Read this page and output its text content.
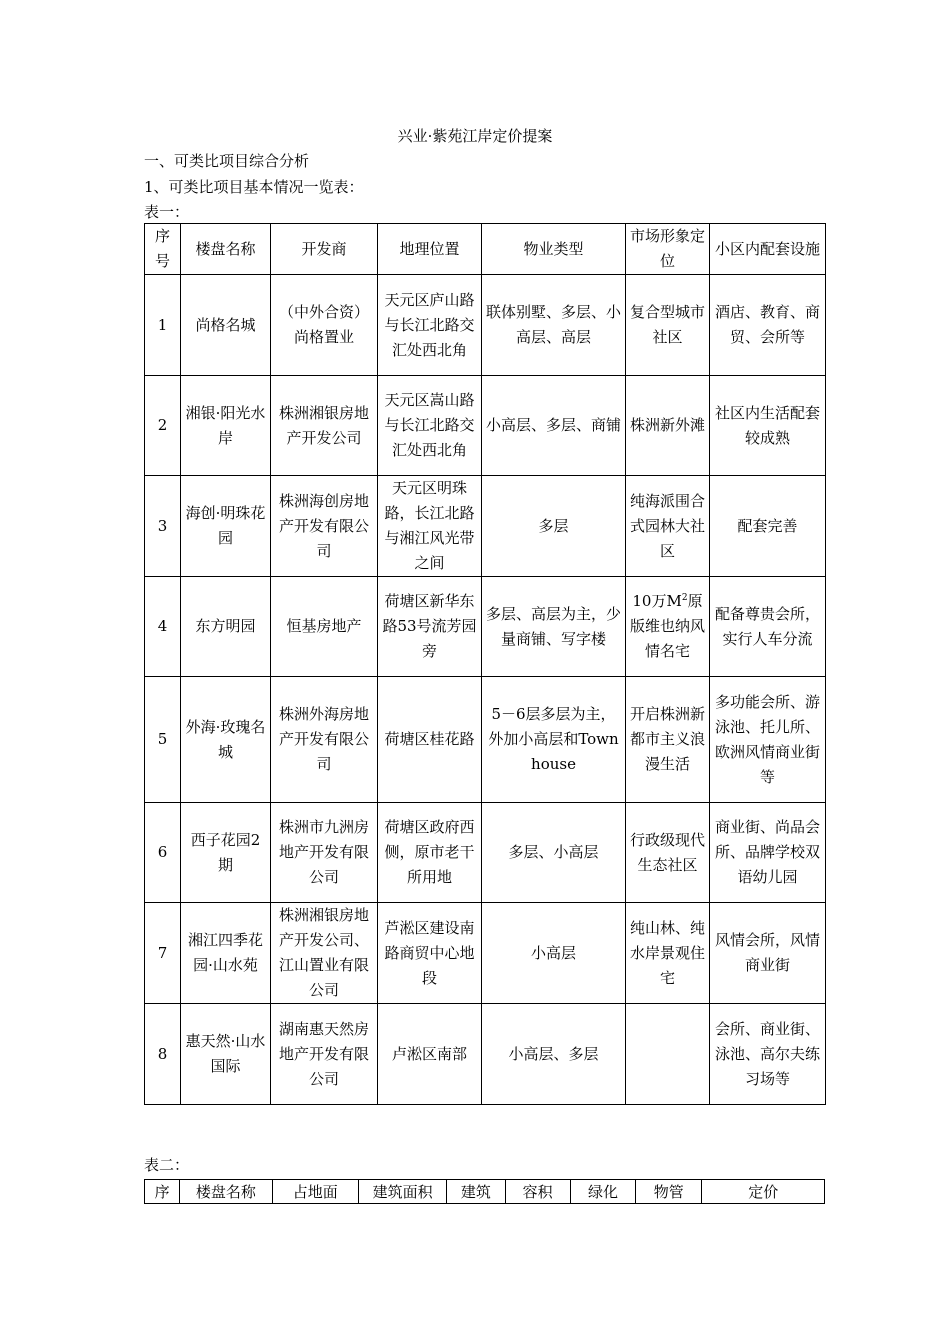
兴业·紫苑江岸定价提案
一、可类比项目综合分析
1、可类比项目基本情况一览表：
表一：
序号	楼盘名称	开发商	地理位置	物业类型	市场形象定位	小区内配套设施
1	尚格名城	（中外合资）尚格置业	天元区庐山路与长江北路交汇处西北角	联体别墅、多层、小高层、高层	复合型城市社区	酒店、教育、商贸、会所等
2	湘银·阳光水岸	株洲湘银房地产开发公司	天元区嵩山路与长江北路交汇处西北角	小高层、多层、商铺	株洲新外滩	社区内生活配套较成熟
3	海创·明珠花园	株洲海创房地产开发有限公司	天元区明珠路，长江北路与湘江风光带之间	多层	纯海派围合式园林大社区	配套完善
4	东方明园	恒基房地产	荷塘区新华东路53号流芳园旁	多层、高层为主，少量商铺、写字楼	10万$M^2$原版维也纳风情名宅	配备尊贵会所，实行人车分流
5	外海·玫瑰名城	株洲外海房地产开发有限公司	荷塘区桂花路	5－6层多层为主，外加小高层和Townhouse	开启株洲新都市主义浪漫生活	多功能会所、游泳池、托儿所、欧洲风情商业街等
6	西子花园2期	株洲市九洲房地产开发有限公司	荷塘区政府西侧，原市老干所用地	多层、小高层	行政级现代生态社区	商业街、尚品会所、品牌学校双语幼儿园
7	湘江四季花园·山水苑	株洲湘银房地产开发公司、江山置业有限公司	芦淞区建设南路商贸中心地段	小高层	纯山林、纯水岸景观住宅	风情会所，风情商业街
8	惠天然·山水国际	湖南惠天然房地产开发有限公司	卢淞区南部	小高层、多层		会所、商业街、泳池、高尔夫练习场等
表二：
序	楼盘名称	占地面	建筑面积	建筑	容积	绿化	物管	定价
